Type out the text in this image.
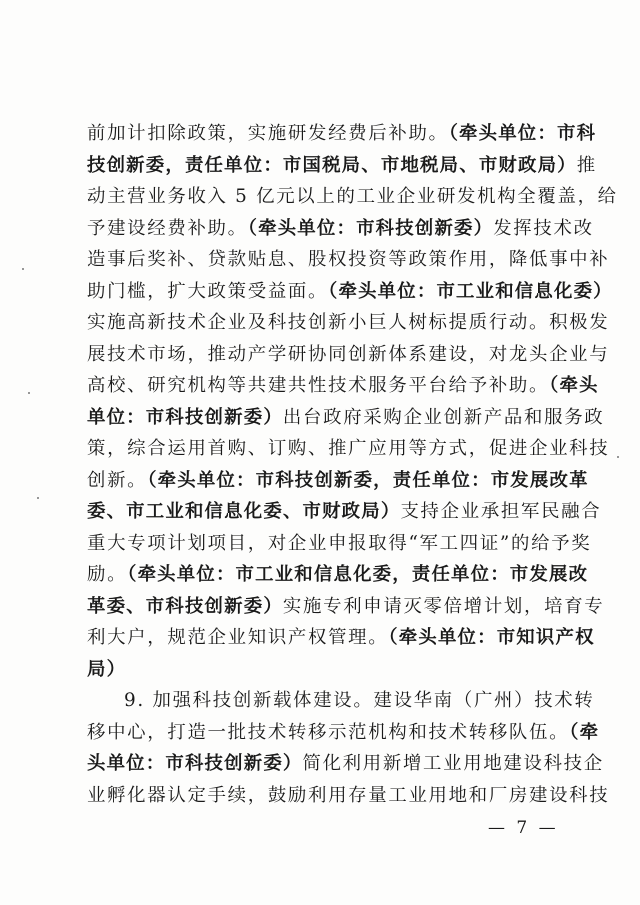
前加计扣除政策，实施研发经费后补助。（牵头单位：市科
技创新委，责任单位：市国税局、市地税局、市财政局）推
动主营业务收入 5 亿元以上的工业企业研发机构全覆盖，给
予建设经费补助。（牵头单位：市科技创新委）发挥技术改
造事后奖补、贷款贴息、股权投资等政策作用，降低事中补
助门槛，扩大政策受益面。（牵头单位：市工业和信息化委）
实施高新技术企业及科技创新小巨人树标提质行动。积极发
展技术市场，推动产学研协同创新体系建设，对龙头企业与
高校、研究机构等共建共性技术服务平台给予补助。（牵头
单位：市科技创新委）出台政府采购企业创新产品和服务政
策，综合运用首购、订购、推广应用等方式，促进企业科技
创新。（牵头单位：市科技创新委，责任单位：市发展改革
委、市工业和信息化委、市财政局）支持企业承担军民融合
重大专项计划项目，对企业申报取得“军工四证”的给予奖
励。（牵头单位：市工业和信息化委，责任单位：市发展改
革委、市科技创新委）实施专利申请灭零倍增计划，培育专
利大户，规范企业知识产权管理。（牵头单位：市知识产权
局）
9. 加强科技创新载体建设。建设华南（广州）技术转
移中心，打造一批技术转移示范机构和技术转移队伍。（牵
头单位：市科技创新委）简化利用新增工业用地建设科技企
业孵化器认定手续，鼓励利用存量工业用地和厂房建设科技
— 7 —
